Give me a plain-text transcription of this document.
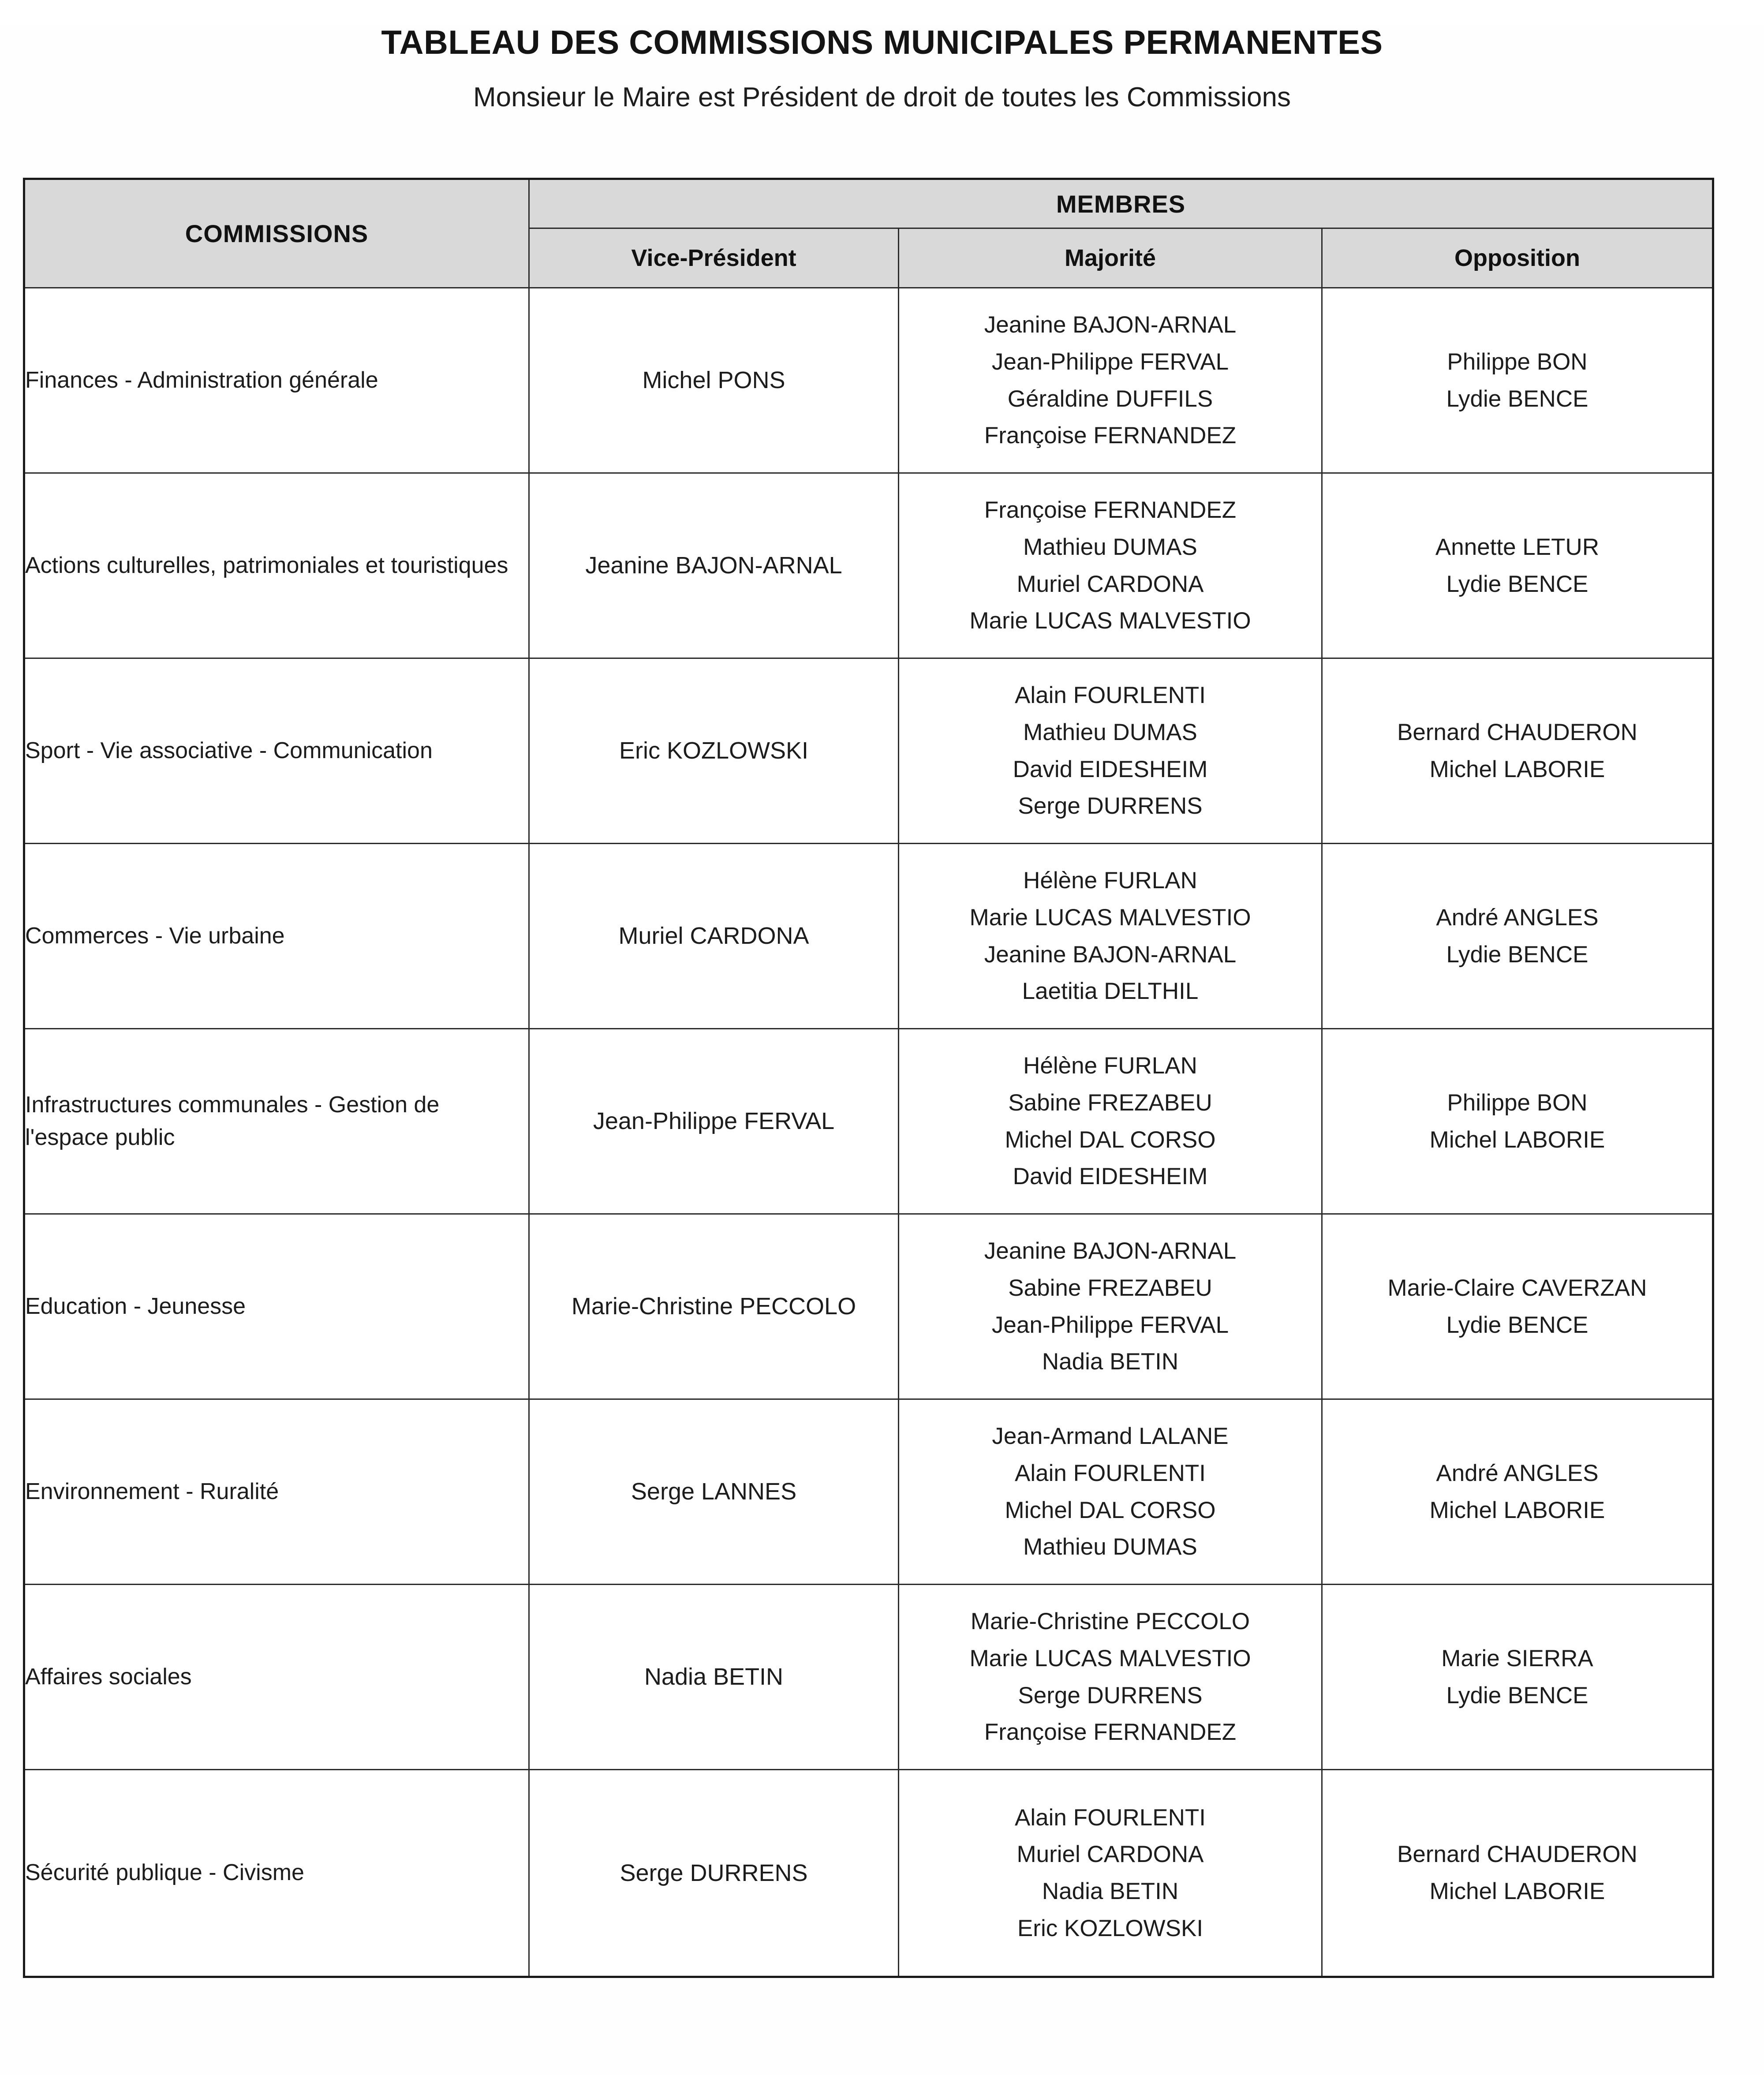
TABLEAU DES COMMISSIONS MUNICIPALES PERMANENTES
Monsieur le Maire est Président de droit de toutes les Commissions
COMMISSIONS	MEMBRES		
	Vice-Président	Majorité	Opposition
Finances - Administration générale	Michel PONS	Jeanine BAJON-ARNAL
Jean-Philippe FERVAL
Géraldine DUFFILS
Françoise FERNANDEZ	Philippe BON
Lydie BENCE

Actions culturelles, patrimoniales et touristiques	Jeanine BAJON-ARNAL	Françoise FERNANDEZ
Mathieu DUMAS
Muriel CARDONA
Marie LUCAS MALVESTIO	Annette LETUR
Lydie BENCE

Sport - Vie associative - Communication	Eric KOZLOWSKI	Alain FOURLENTI
Mathieu DUMAS
David EIDESHEIM
Serge DURRENS	Bernard CHAUDERON
Michel LABORIE

Commerces - Vie urbaine	Muriel CARDONA	Hélène FURLAN
Marie LUCAS MALVESTIO
Jeanine BAJON-ARNAL
Laetitia DELTHIL	André ANGLES
Lydie BENCE

Infrastructures communales - Gestion de l'espace public	Jean-Philippe FERVAL	Hélène FURLAN
Sabine FREZABEU
Michel DAL CORSO
David EIDESHEIM	Philippe BON
Michel LABORIE

Education - Jeunesse	Marie-Christine PECCOLO	Jeanine BAJON-ARNAL
Sabine FREZABEU
Jean-Philippe FERVAL
Nadia BETIN	Marie-Claire CAVERZAN
Lydie BENCE

Environnement - Ruralité	Serge LANNES	Jean-Armand LALANE
Alain FOURLENTI
Michel DAL CORSO
Mathieu DUMAS	André ANGLES
Michel LABORIE

Affaires sociales	Nadia BETIN	Marie-Christine PECCOLO
Marie LUCAS MALVESTIO
Serge DURRENS
Françoise FERNANDEZ	Marie SIERRA
Lydie BENCE

Sécurité publique - Civisme	Serge DURRENS	Alain FOURLENTI
Muriel CARDONA
Nadia BETIN
Eric KOZLOWSKI	Bernard CHAUDERON
Michel LABORIE
